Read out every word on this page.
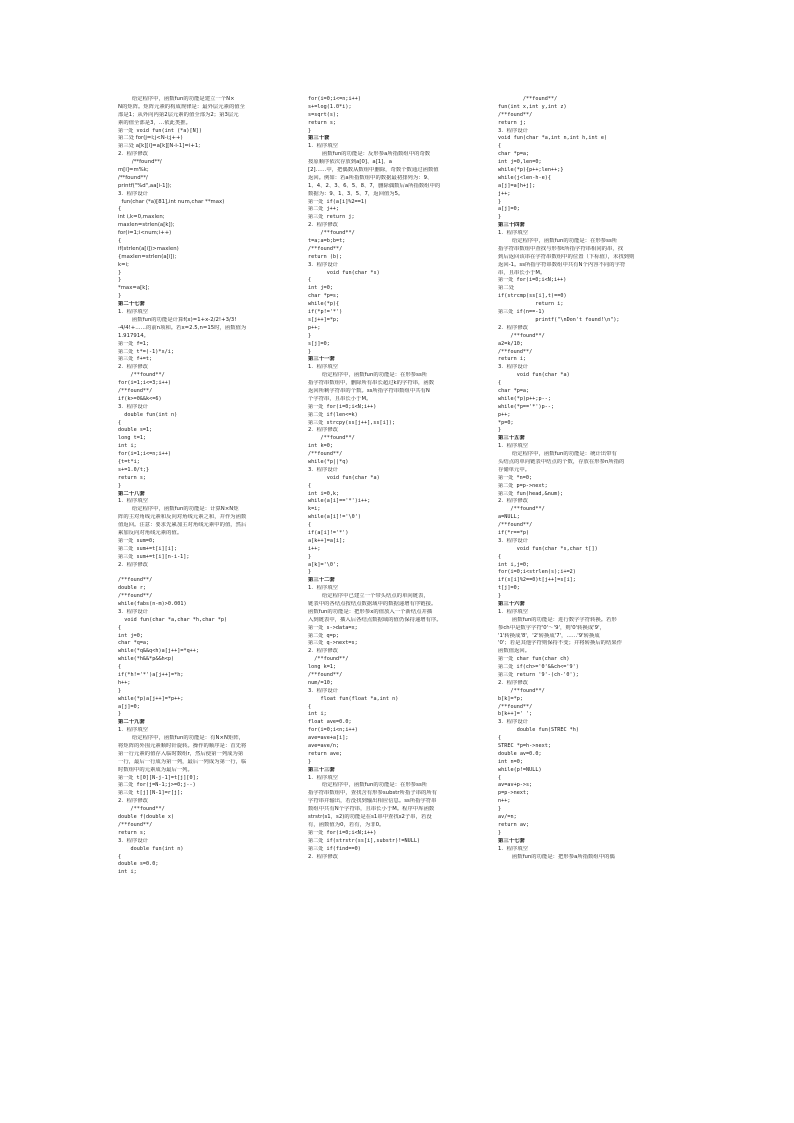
给定程序中，函数fun的功能是建立一个N×
N的矩阵。矩阵元素的构成规律是：最外层元素的值全
部是1；从外向内第2层元素的值全部为2；第3层元
素的值全部是3，…依此类推。
第一处 void fun(int (*a)[N])
第二处 for(j=i;j<N-i;j++)
第三处 a[k][i]=a[k][N-i-1]=i+1;
2.  程序修改
/**found**/
m[i]=m%k;
/**found**/
printf("%d",aa[i-1]);
3.  程序设计
fun(char (*a)[81],int num,char **max)
{
int i,k=0,maxlen;
maxlen=strlen(a[k]);
for(i=1;i<num;i++)
{
if(strlen(a[i])>maxlen)
{maxlen=strlen(a[i]);
k=i;
}
}
*max=a[k];
}
第二十七套
1.  程序填空
函数fun的功能是计算f(x)=1+x-2/2!+3/3!
-4/4!+……的前n项和。若x=2.5,n=15时，函数值为
1.917914。
第一处 f=1;
第二处 t*=(-1)*x/i;
第三处 f+=t;
2.  程序修改
/**found**/
for(i=1;i<=3;i++)
/**found**/
if(k>=0&&k<=6)
3.  程序设计
double fun(int n)
{
double s=1;
long t=1;
int i;
for(i=1;i<=n;i++)
{t=t*i;
s+=1.0/t;}
return s;
}
第二十八套
1.  程序填空
给定程序中，函数fun的功能是：计算N×N矩
阵的主对角线元素和反向对角线元素之和，并作为函数
值返回。注意：要求先累加主对角线元素中的值，然后
累加反向对角线元素的值。
第一处 sum=0;
第二处 sum+=t[i][i];
第三处 sum+=t[i][n-i-1];
2.  程序修改
/**found**/
double r;
/**found**/
while(fabs(n-m)>0.001)
3.  程序设计
void fun(char *a,char *h,char *p)
{
int j=0;
char *q=a;
while(*q&&q<h)a[j++]=*q++;
while(*h&&*p&&h<p)
{
if(*h!='*')a[j++]=*h;
h++;
}
while(*p)a[j++]=*p++;
a[j]=0;
}
第二十九套
1.  程序填空
给定程序中，函数fun的功能是：有N×N矩阵，
将矩阵的外围元素顺时针旋转。操作的顺序是：首先将
第一行元素的值存入临时数组r，然后使第一列成为第
一行，最后一行成为第一列，最后一列成为第一行，临
时数组中的元素成为最后一列。
第一处 t[0][N-j-1]=t[j][0];
第二处 for(j=N-1;j>=0;j--)
第三处 t[j][N-1]=r[j];
2.  程序修改
/**found**/
double f(double x)
/**found**/
return s;
3.  程序设计
double fun(int n)
{
double s=0.0;
int i;
for(i=0;i<=n;i++)
s+=log(1.0*i);
s=sqrt(s);
return s;
}
第三十套
1.  程序填空
函数fun的功能是：反形参a所指数组中的奇数
按原顺序依次存放到a[0]、a[1]、a
[2]……中，把偶数从数组中删除，奇数个数通过函数值
返回。例如：若a所指数组中的数据最初排列为：9、
1、4、2、3、6、5、8、7，删除偶数后a所指数组中的
数据为：9、1、3、5、7，返回值为5。
第一处 if(a[i]%2==1)
第二处 j++;
第三处 return j;
2.  程序修改
/**found**/
t=a;a=b;b=t;
/**found**/
return (b);
3.  程序设计
void fun(char *s)
{
int j=0;
char *p=s;
while(*p){
if(*p!='*')
s[j++]=*p;
p++;
}
s[j]=0;
}
第三十一套
1.  程序填空
给定程序中，函数fun的功能是：在形参ss所
指字符串数组中，删除所有串长超过k的字符串，函数
返回所剩字符串的个数。ss所指字符串数组中共有N
个字符串，且串长小于M。
第一处 for(i=0;i<N;i++)
第二处 if(len<=k)
第三处 strcpy(ss[j++],ss[i]);
2.  程序修改
/**found**/
int k=0;
/**found**/
while(*p||*q)
3.  程序设计
void fun(char *a)
{
int i=0,k;
while(a[i]=='*')i++;
k=i;
while(a[i]!='\0')
{
if(a[i]!='*')
a[k++]=a[i];
i++;
}
a[k]='\0';
}
第三十二套
1.  程序填空
给定程序中已建立一个带头结点的单向链表，
链表中的各结点按结点数据域中的数据递增有序链接。
函数fun的功能是：把形参x的值放入一个新结点并插
入到链表中，插入后各结点数据域的值仍保持递增有序。
第一处 s->data=x;
第二处 q=p;
第三处 q->next=s;
2.  程序修改
/**found**/
long k=1;
/**found**/
num/=10;
3.  程序设计
float fun(float *a,int n)
{
int i;
float ave=0.0;
for(i=0;i<n;i++)
ave=ave+a[i];
ave=ave/n;
return ave;
}
第三十三套
1.  程序填空
给定程序中，函数fun的功能是：在形参ss所
指字符串数组中，查找含有形参substr所指子串的所有
字符串并输出，若没找到输出相应信息。ss所指字符串
数组中共有N个字符串，且串长小于M。程序中库函数
strstr(s1，s2)的功能是在s1串中查找s2子串，若没
有，函数值为0，若有，为非0。
第一处 for(i=0;i<N;i++)
第二处 if(strstr(ss[i],substr)!=NULL)
第三处 if(find==0)
2.  程序修改
/**found**/
fun(int x,int y,int z)
/**found**/
return j;
3.  程序设计
void fun(char *a,int n,int h,int e)
{
char *p=a;
int j=0,len=0;
while(*p){p++;len++;}
while(j<len-h-e){
a[j]=a[h+j];
j++;
}
a[j]=0;
}
第三十四套
1.  程序填空
给定程序中，函数fun的功能是：在形参ss所
指字符串数组中查找与形参t所指字符串相同的串，找
到后返回该串在字符串数组中的位置（下标值），未找到则
返回-1。ss所指字符串数组中共有N个内容不同的字符
串，且串长小于M。
第一处 for(i=0;i<N;i++)
第二处
if(strcmp(ss[i],t)==0)
return i;
第三处 if(n==-1)
printf("\nDon't found!\n");
2.  程序修改
/**found**/
a2=k/10;
/**found**/
return i;
3.  程序设计
void fun(char *a)
{
char *p=a;
while(*p)p++;p--;
while(*p=='*')p--;
p++;
*p=0;
}
第三十五套
1.  程序填空
给定程序中，函数fun的功能是：统计出带有
头结点的单向链表中结点的个数，存放在形参n所指的
存储单元中。
第一处 *n=0;
第二处 p=p->next;
第三处 fun(head,&num);
2.  程序修改
/**found**/
a=NULL;
/**found**/
if(*r==*p)
3.  程序设计
void fun(char *s,char t[])
{
int i,j=0;
for(i=0;i<strlen(s);i+=2)
if(s[i]%2==0)t[j++]=s[i];
t[j]=0;
}
第三十六套
1.  程序填空
函数fun的功能是：进行数字字符转换。若形
参ch中是数字字符'0'～'9'，则'0'转换成'9'，
'1'转换成'8'，'2'转换成'7'，……'9'转换成
'0'；若是其他字符则保持不变；并将转换后的结果作
函数值返回。
第一处 char fun(char ch)
第二处 if(ch>='0'&&ch<='9')
第三处 return '9'-(ch-'0');
2.  程序修改
/**found**/
b[k]=*p;
/**found**/
b[k++]=' ';
3.  程序设计
double fun(STREC *h)
{
STREC *p=h->next;
double av=0.0;
int n=0;
while(p!=NULL)
{
av=av+p->s;
p=p->next;
n++;
}
av/=n;
return av;
}
第三十七套
1.  程序填空
函数fun的功能是：把形参a所指数组中的偶
